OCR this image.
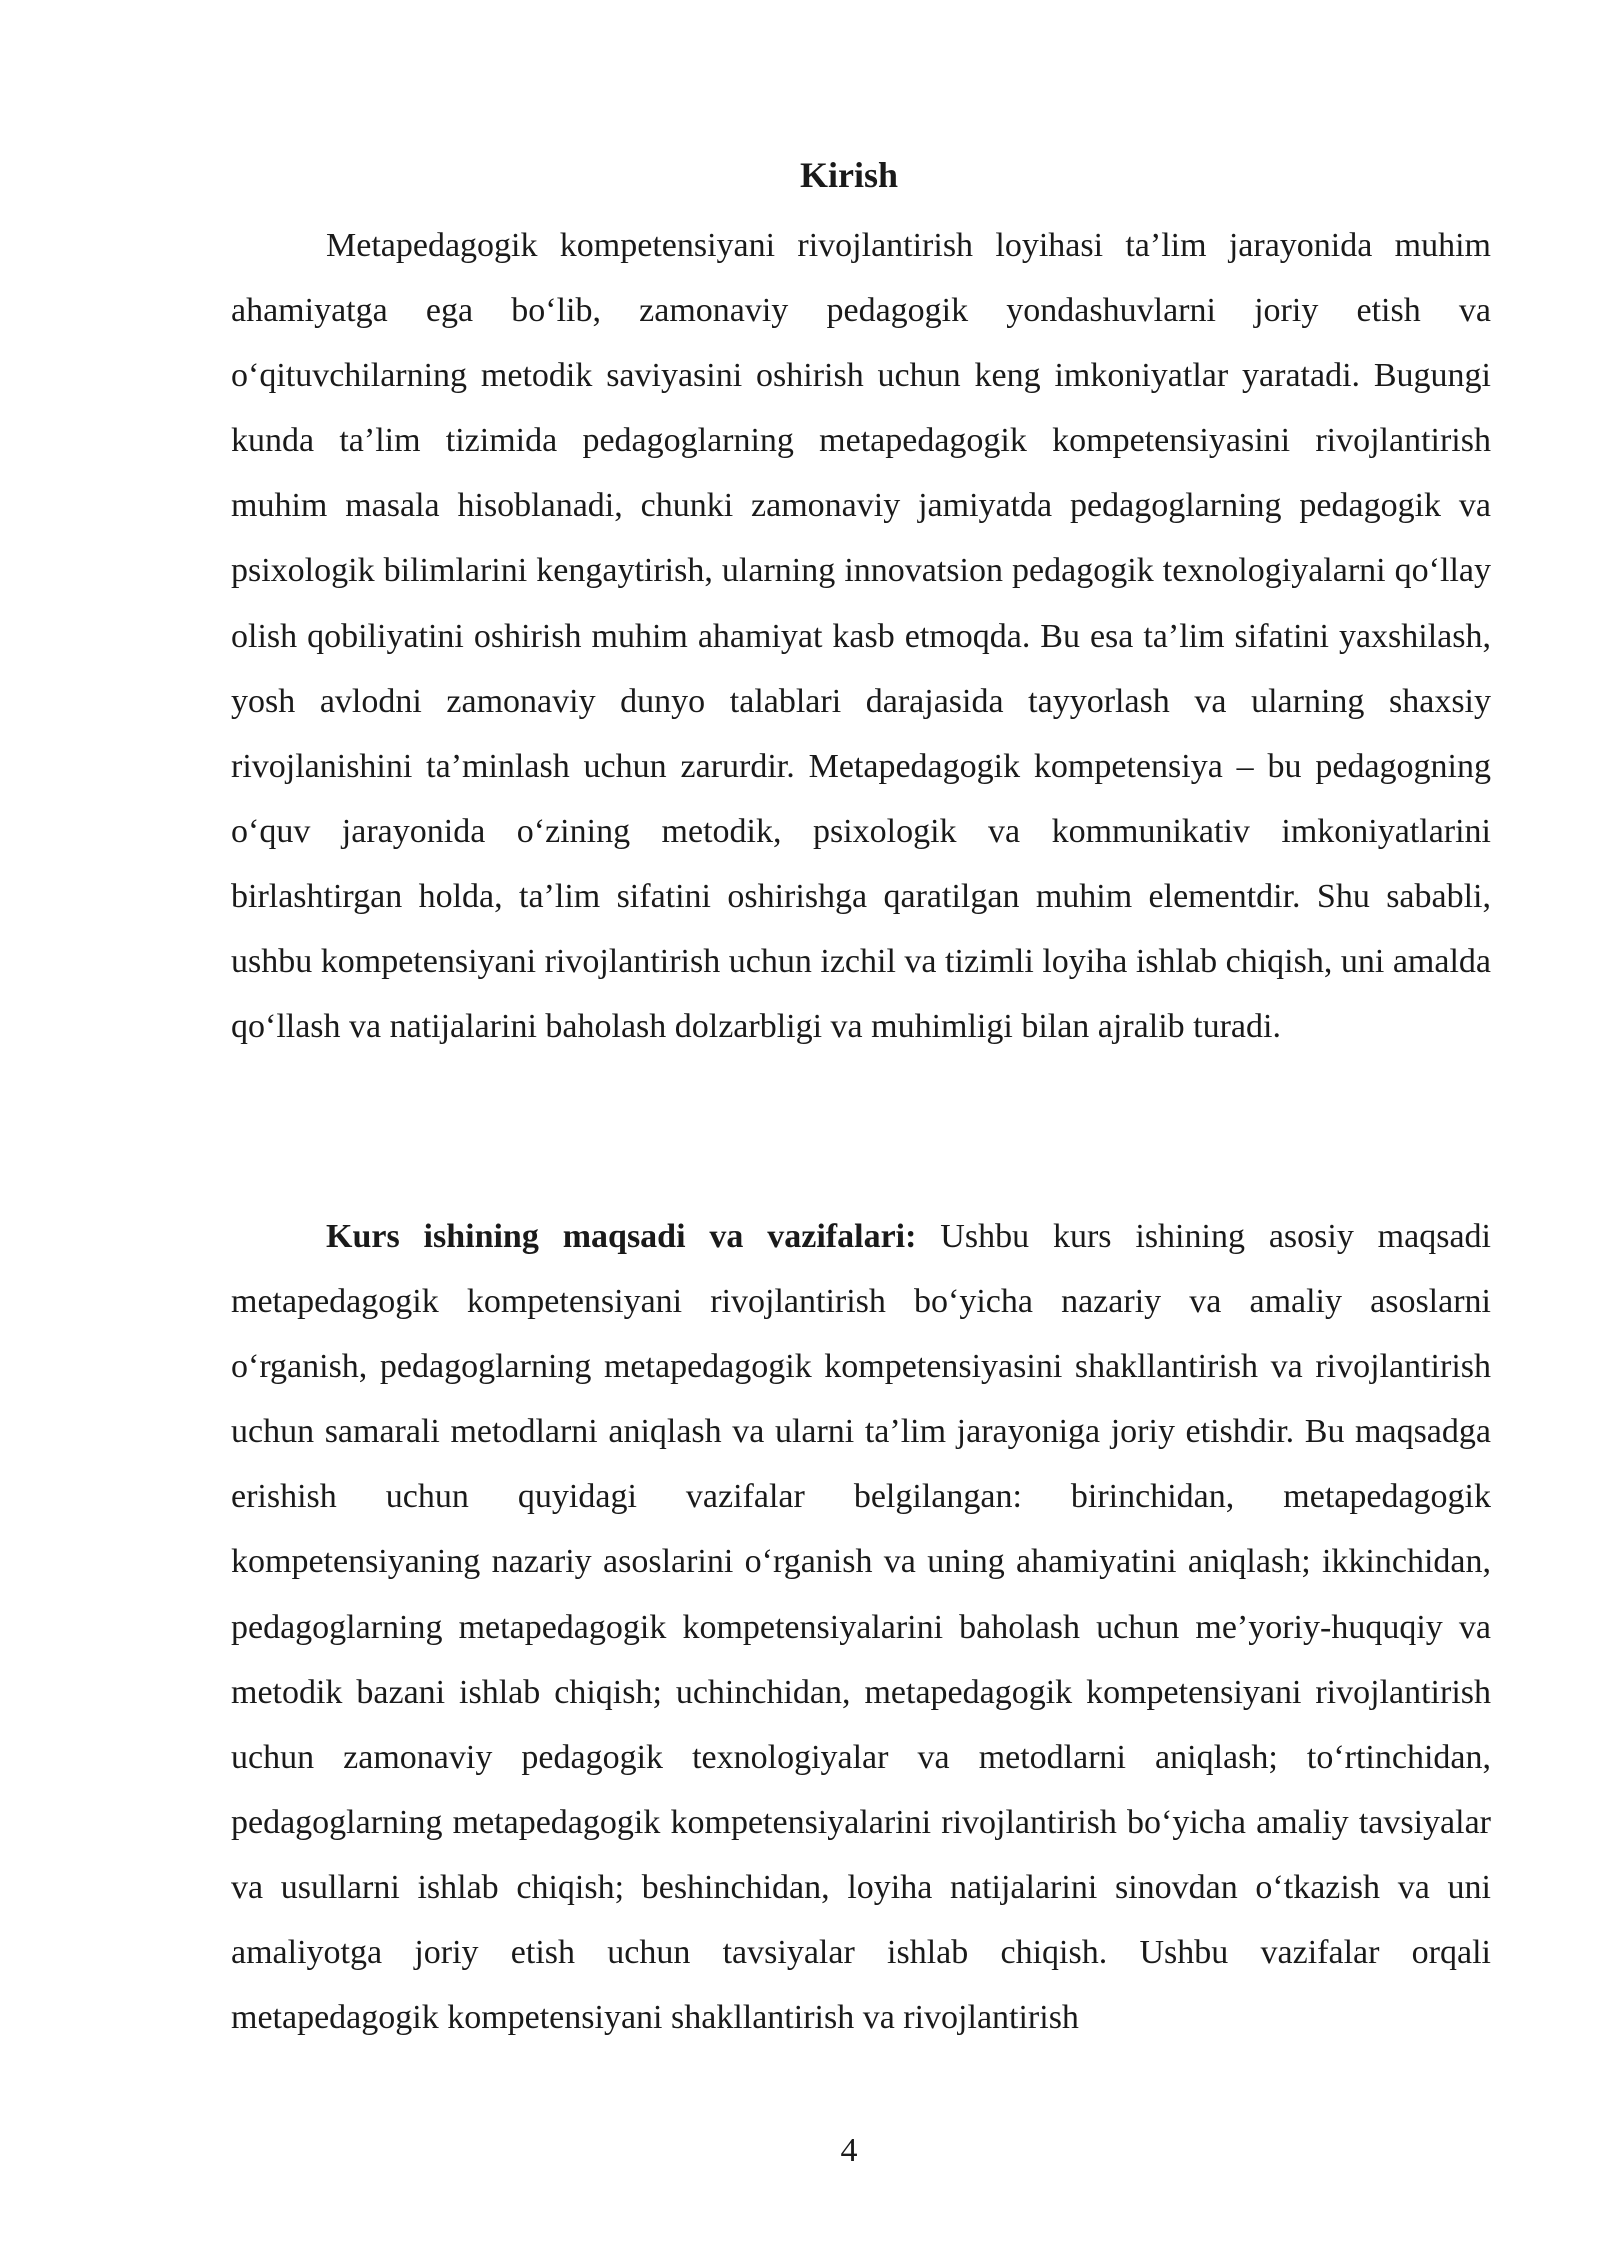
Kirish

Metapedagogik kompetensiyani rivojlantirish loyihasi ta’lim jarayonida muhim ahamiyatga ega bo‘lib, zamonaviy pedagogik yondashuvlarni joriy etish va o‘qituvchilarning metodik saviyasini oshirish uchun keng imkoniyatlar yaratadi. Bugungi kunda ta’lim tizimida pedagoglarning metapedagogik kompetensiyasini rivojlantirish muhim masala hisoblanadi, chunki zamonaviy jamiyatda pedagoglarning pedagogik va psixologik bilimlarini kengaytirish, ularning innovatsion pedagogik texnologiyalarni qo‘llay olish qobiliyatini oshirish muhim ahamiyat kasb etmoqda. Bu esa ta’lim sifatini yaxshilash, yosh avlodni zamonaviy dunyo talablari darajasida tayyorlash va ularning shaxsiy rivojlanishini ta’minlash uchun zarurdir. Metapedagogik kompetensiya – bu pedagogning o‘quv jarayonida o‘zining metodik, psixologik va kommunikativ imkoniyatlarini birlashtirgan holda, ta’lim sifatini oshirishga qaratilgan muhim elementdir. Shu sababli, ushbu kompetensiyani rivojlantirish uchun izchil va tizimli loyiha ishlab chiqish, uni amalda qo‘llash va natijalarini baholash dolzarbligi va muhimligi bilan ajralib turadi.

Kurs ishining maqsadi va vazifalari: Ushbu kurs ishining asosiy maqsadi metapedagogik kompetensiyani rivojlantirish bo‘yicha nazariy va amaliy asoslarni o‘rganish, pedagoglarning metapedagogik kompetensiyasini shakllantirish va rivojlantirish uchun samarali metodlarni aniqlash va ularni ta’lim jarayoniga joriy etishdir. Bu maqsadga erishish uchun quyidagi vazifalar belgilangan: birinchidan, metapedagogik kompetensiyaning nazariy asoslarini o‘rganish va uning ahamiyatini aniqlash; ikkinchidan, pedagoglarning metapedagogik kompetensiyalarini baholash uchun me’yoriy-huquqiy va metodik bazani ishlab chiqish; uchinchidan, metapedagogik kompetensiyani rivojlantirish uchun zamonaviy pedagogik texnologiyalar va metodlarni aniqlash; to‘rtinchidan, pedagoglarning metapedagogik kompetensiyalarini rivojlantirish bo‘yicha amaliy tavsiyalar va usullarni ishlab chiqish; beshinchidan, loyiha natijalarini sinovdan o‘tkazish va uni amaliyotga joriy etish uchun tavsiyalar ishlab chiqish. Ushbu vazifalar orqali metapedagogik kompetensiyani shakllantirish va rivojlantirish

4
